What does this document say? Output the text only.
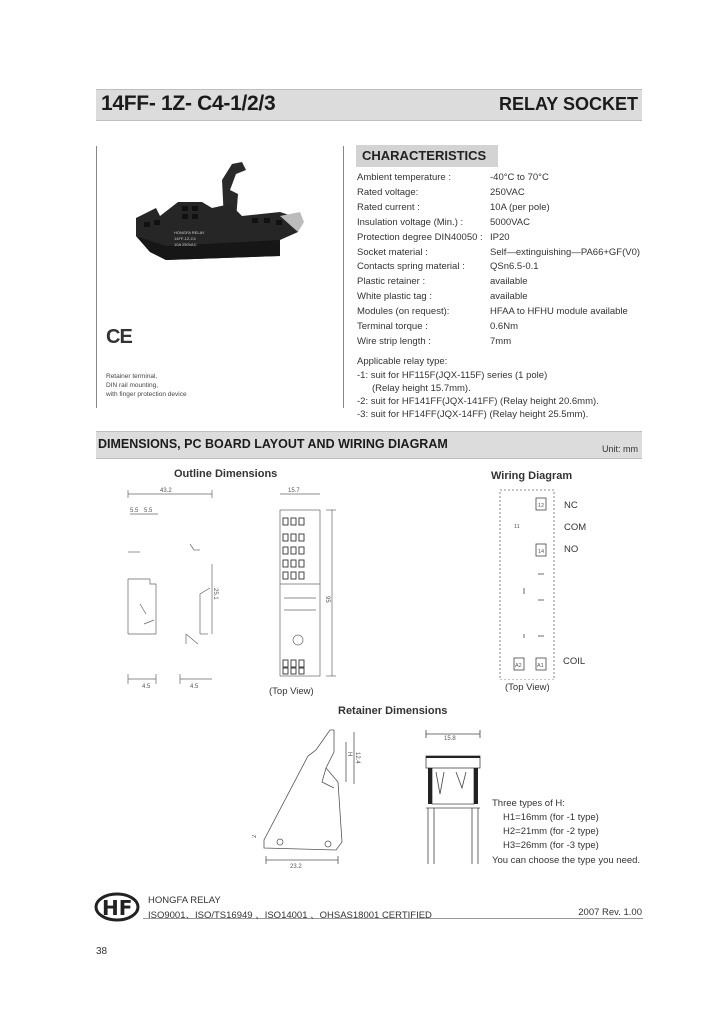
14FF- 1Z- C4-1/2/3	RELAY SOCKET
HONGFA RELAY
14FF-1Z-C4
10A 250VAC
CE
Retainer terminal,
DIN rail mounting,
with finger protection device
CHARACTERISTICS
Ambient temperature :	-40°C to 70°C
Rated voltage:	250VAC
Rated current :	10A (per pole)
Insulation voltage (Min.) :	5000VAC
Protection degree DIN40050 : IP20
Socket material :	Self—extinguishing—PA66+GF(V0)
Contacts spring material :	QSn6.5-0.1
Plastic retainer :	available
White plastic tag :	available
Modules (on request):	HFAA to HFHU module available
Terminal torque :	0.6Nm
Wire strip length :	7mm
Applicable relay type:
-1: suit for HF115F(JQX-115F) series (1 pole)
(Relay height 15.7mm).
-2: suit for HF141FF(JQX-141FF) (Relay height 20.6mm).
-3: suit for HF14FF(JQX-14FF) (Relay height 25.5mm).
DIMENSIONS, PC BOARD LAYOUT AND WIRING DIAGRAM	Unit: mm
Outline Dimensions
43.2
5.5 5.5
15.7
95
25.1
4.5	4.5	(Top View)
Wiring Diagram
12
11
14
A2	A1
NC
COM
NO
COIL
(Top View)
Retainer Dimensions
23.2
H 12.4
2
15.8
Three types of H:
H1=16mm (for -1 type)
H2=21mm (for -2 type)
H3=26mm (for -3 type)
You can choose the type you need.
HF HONGFA RELAY
ISO9001、ISO/TS16949 、ISO14001 、OHSAS18001 CERTIFIED	2007 Rev. 1.00
38
